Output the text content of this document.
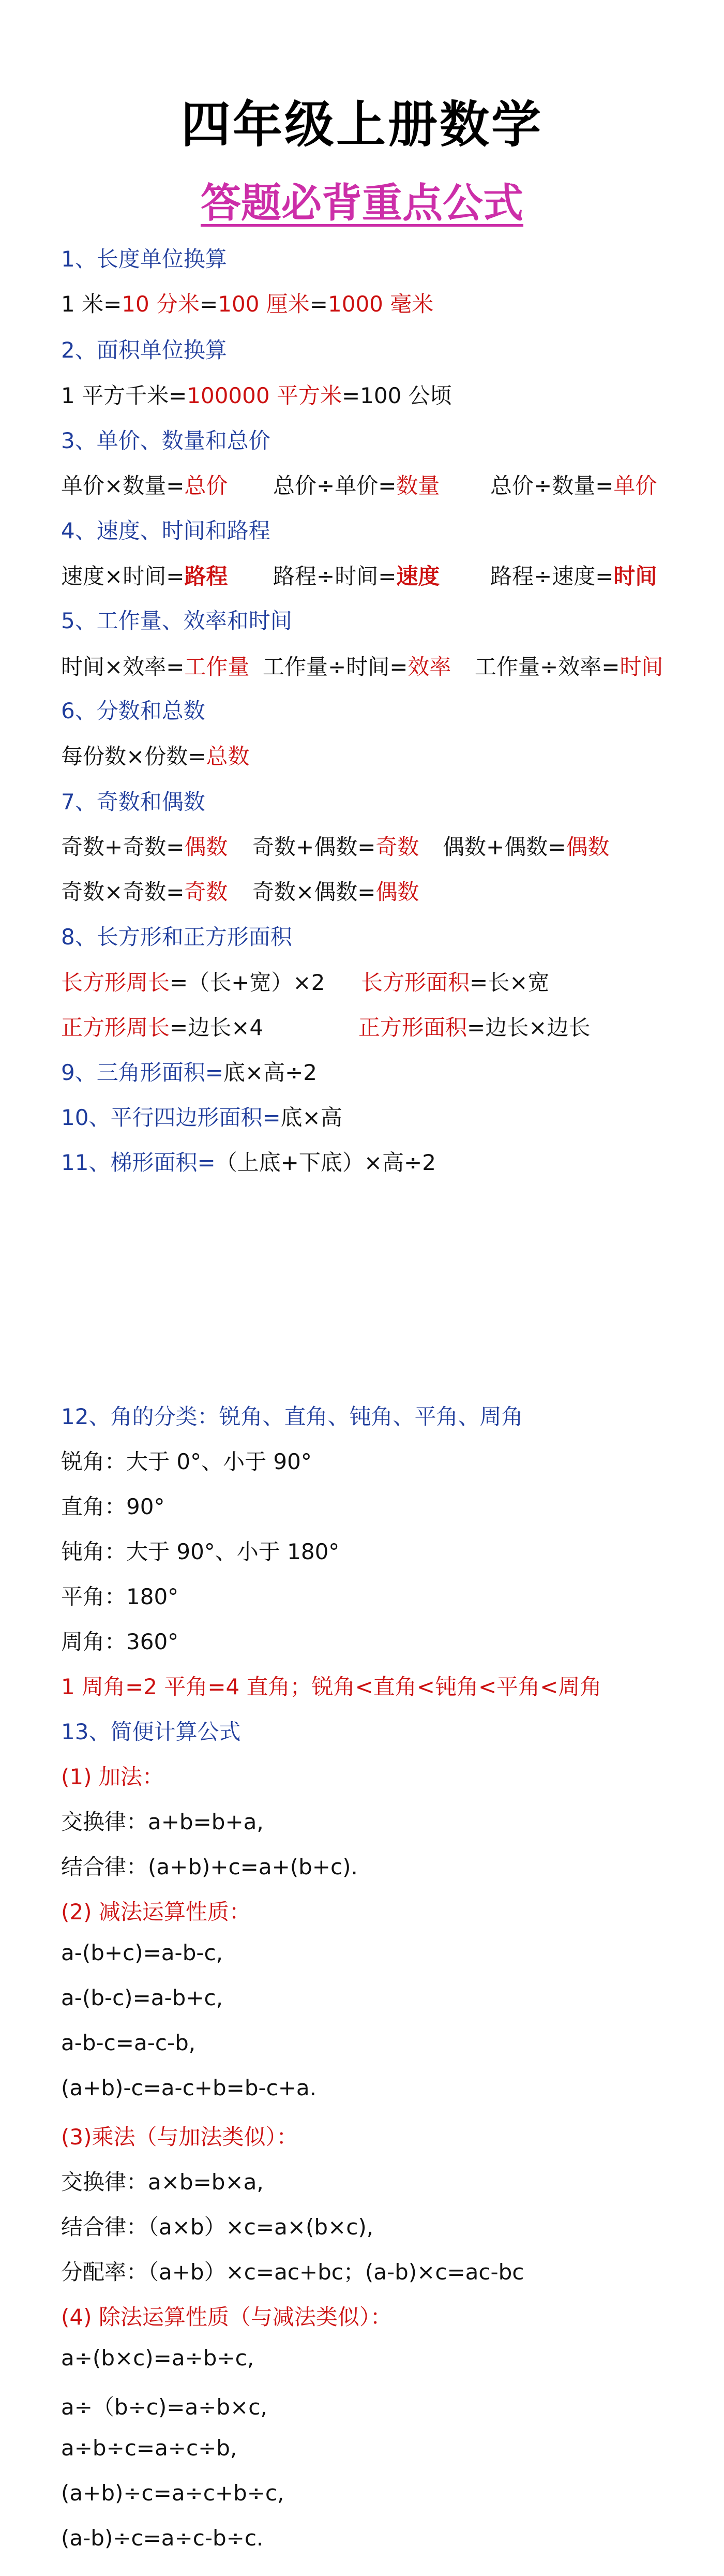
四年级上册数学
答题必背重点公式
1、长度单位换算
1 米=10 分米=100 厘米=1000 毫米
2、面积单位换算
1 平方千米=100000 平方米=100 公顷
3、单价、数量和总价
单价×数量=总价 总价÷单价=数量 总价÷数量=单价
4、速度、时间和路程
速度×时间=路程 路程÷时间=速度 路程÷速度=时间
5、工作量、效率和时间
时间×效率=工作量 工作量÷时间=效率 工作量÷效率=时间
6、分数和总数
每份数×份数=总数
7、奇数和偶数
奇数+奇数=偶数 奇数+偶数=奇数 偶数+偶数=偶数
奇数×奇数=奇数 奇数×偶数=偶数
8、长方形和正方形面积
长方形周长=（长+宽）×2 长方形面积=长×宽
正方形周长=边长×4	正方形面积=边长×边长
9、三角形面积=底×高÷2
10、平行四边形面积=底×高
11、梯形面积=（上底+下底）×高÷2
12、角的分类：锐角、直角、钝角、平角、周角
锐角：大于 0°、小于 90°
直角：90°
钝角：大于 90°、小于 180°
平角：180°
周角：360°
1 周角=2 平角=4 直角；锐角<直角<钝角<平角<周角
13、简便计算公式
(1) 加法：
交换律：a+b=b+a,
结合律：(a+b)+c=a+(b+c).
(2) 减法运算性质：
a-(b+c)=a-b-c,
a-(b-c)=a-b+c,
a-b-c=a-c-b,
(a+b)-c=a-c+b=b-c+a.
(3)乘法（与加法类似）：
交换律：a×b=b×a,
结合律：（a×b）×c=a×(b×c),
分配率：（a+b）×c=ac+bc；(a-b)×c=ac-bc
(4) 除法运算性质（与减法类似）：
a÷(b×c)=a÷b÷c,
a÷（b÷c)=a÷b×c,
a÷b÷c=a÷c÷b,
(a+b)÷c=a÷c+b÷c,
(a-b)÷c=a÷c-b÷c.
